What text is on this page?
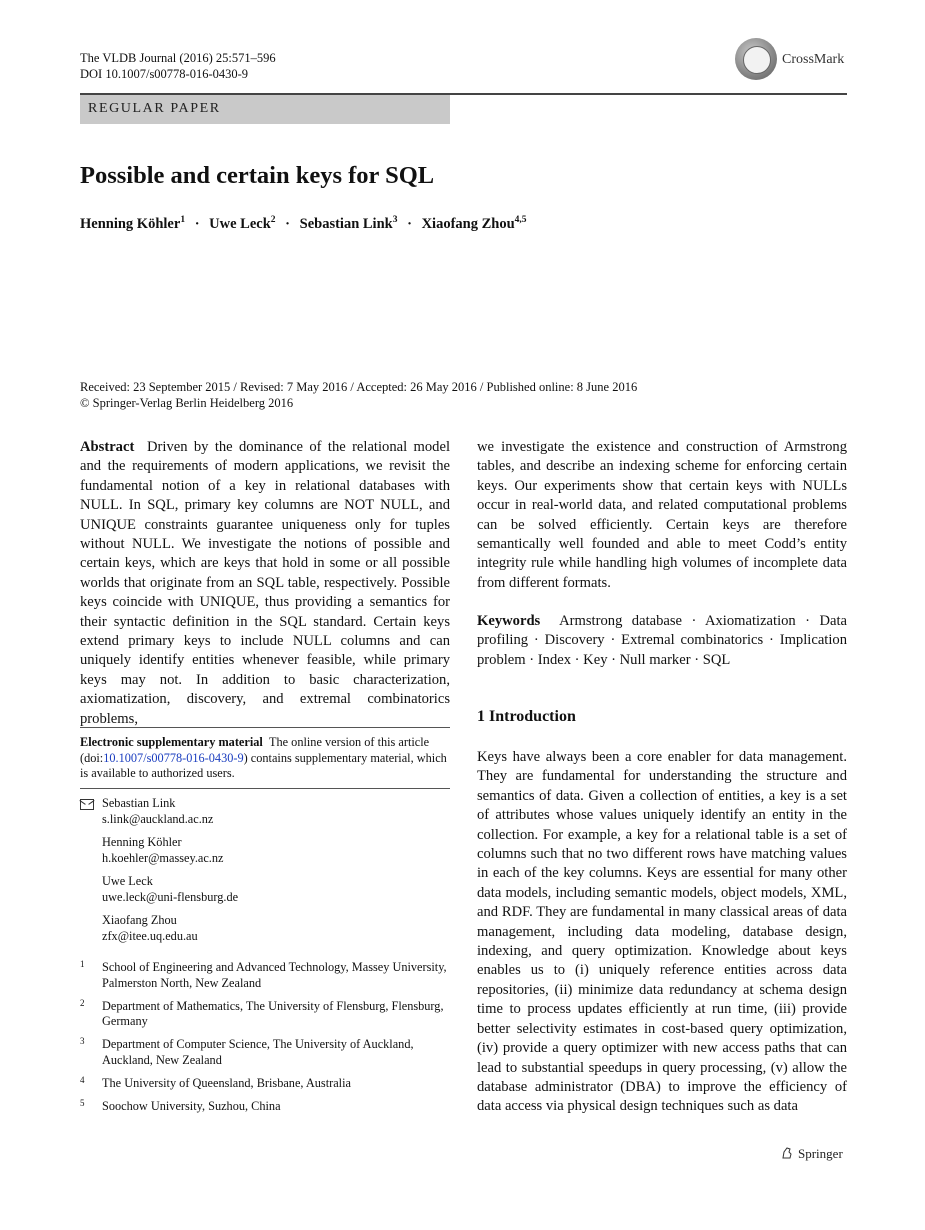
The VLDB Journal (2016) 25:571–596
DOI 10.1007/s00778-016-0430-9
CrossMark
REGULAR PAPER
Possible and certain keys for SQL
Henning Köhler$^1$ · Uwe Leck$^2$ · Sebastian Link$^3$ · Xiaofang Zhou$^{4,5}$
Received: 23 September 2015 / Revised: 7 May 2016 / Accepted: 26 May 2016 / Published online: 8 June 2016
© Springer-Verlag Berlin Heidelberg 2016
Abstract Driven by the dominance of the relational model and the requirements of modern applications, we revisit the fundamental notion of a key in relational databases with NULL. In SQL, primary key columns are NOT NULL, and UNIQUE constraints guarantee uniqueness only for tuples without NULL. We investigate the notions of possible and certain keys, which are keys that hold in some or all possible worlds that originate from an SQL table, respectively. Possible keys coincide with UNIQUE, thus providing a semantics for their syntactic definition in the SQL standard. Certain keys extend primary keys to include NULL columns and can uniquely identify entities whenever feasible, while primary keys may not. In addition to basic characterization, axiomatization, discovery, and extremal combinatorics problems,
we investigate the existence and construction of Armstrong tables, and describe an indexing scheme for enforcing certain keys. Our experiments show that certain keys with NULLs occur in real-world data, and related computational problems can be solved efficiently. Certain keys are therefore semantically well founded and able to meet Codd’s entity integrity rule while handling high volumes of incomplete data from different formats.
Keywords Armstrong database · Axiomatization · Data profiling · Discovery · Extremal combinatorics · Implication problem · Index · Key · Null marker · SQL
1 Introduction
Keys have always been a core enabler for data management. They are fundamental for understanding the structure and semantics of data. Given a collection of entities, a key is a set of attributes whose values uniquely identify an entity in the collection. For example, a key for a relational table is a set of columns such that no two different rows have matching values in each of the key columns. Keys are essential for many other data models, including semantic models, object models, XML, and RDF. They are fundamental in many classical areas of data management, including data modeling, database design, indexing, and query optimization. Knowledge about keys enables us to (i) uniquely reference entities across data repositories, (ii) minimize data redundancy at schema design time to process updates efficiently at run time, (iii) provide better selectivity estimates in cost-based query optimization, (iv) provide a query optimizer with new access paths that can lead to substantial speedups in query processing, (v) allow the database administrator (DBA) to improve the efficiency of data access via physical design techniques such as data
Electronic supplementary material The online version of this article (doi:10.1007/s00778-016-0430-9) contains supplementary material, which is available to authorized users.
Sebastian Link
s.link@auckland.ac.nz
Henning Köhler
h.koehler@massey.ac.nz
Uwe Leck
uwe.leck@uni-flensburg.de
Xiaofang Zhou
zfx@itee.uq.edu.au
1 School of Engineering and Advanced Technology, Massey University, Palmerston North, New Zealand
2 Department of Mathematics, The University of Flensburg, Flensburg, Germany
3 Department of Computer Science, The University of Auckland, Auckland, New Zealand
4 The University of Queensland, Brisbane, Australia
5 Soochow University, Suzhou, China
Springer
